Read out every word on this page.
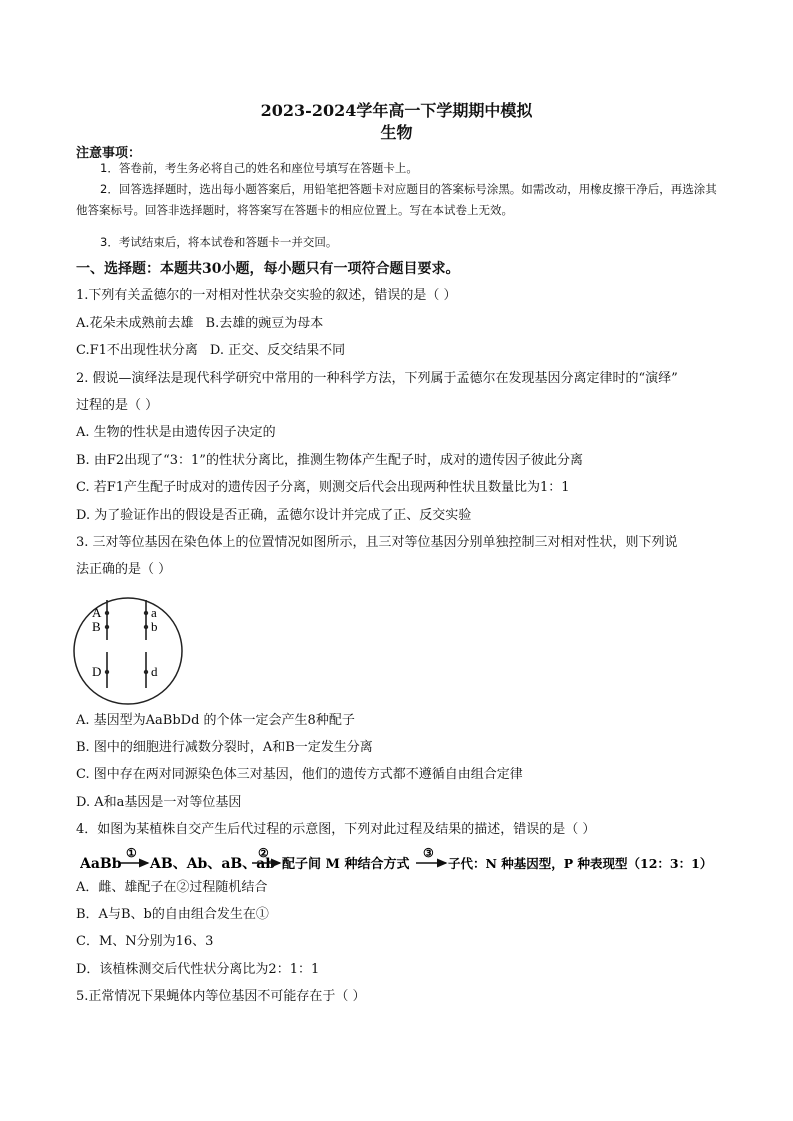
2023-2024学年高一下学期期中模拟
生物
注意事项：
1．答卷前，考生务必将自己的姓名和座位号填写在答题卡上。
2．回答选择题时，选出每小题答案后，用铅笔把答题卡对应题目的答案标号涂黑。如需改动，用橡皮擦干净后，再选涂其他答案标号。回答非选择题时，将答案写在答题卡的相应位置上。写在本试卷上无效。
3．考试结束后，将本试卷和答题卡一并交回。
一、选择题：本题共30小题，每小题只有一项符合题目要求。
1.下列有关孟德尔的一对相对性状杂交实验的叙述，错误的是（ ）
A.花朵未成熟前去雄 B.去雄的豌豆为母本
C.F1不出现性状分离 D. 正交、反交结果不同
2. 假说—演绎法是现代科学研究中常用的一种科学方法，下列属于孟德尔在发现基因分离定律时的“演绎”
过程的是（ ）
A. 生物的性状是由遗传因子决定的
B. 由F2出现了“3：1”的性状分离比，推测生物体产生配子时，成对的遗传因子彼此分离
C. 若F1产生配子时成对的遗传因子分离，则测交后代会出现两种性状且数量比为1：1
D. 为了验证作出的假设是否正确，孟德尔设计并完成了正、反交实验
3. 三对等位基因在染色体上的位置情况如图所示，且三对等位基因分别单独控制三对相对性状，则下列说
法正确的是（ ）
A
B
a
b
D	d
A. 基因型为AaBbDd 的个体一定会产生8种配子
B. 图中的细胞进行减数分裂时，A和B一定发生分离
C. 图中存在两对同源染色体三对基因，他们的遗传方式都不遵循自由组合定律
D. A和a基因是一对等位基因
4．如图为某植株自交产生后代过程的示意图，下列对此过程及结果的描述，错误的是（ ）
AaBb
①
AB、Ab、aB、ab
②
配子间 M 种结合方式
③
子代：N 种基因型，P 种表现型（12：3：1）
A．雌、雄配子在②过程随机结合
B．A与B、b的自由组合发生在①
C．M、N分别为16、3
D．该植株测交后代性状分离比为2：1：1
5.正常情况下果蝇体内等位基因不可能存在于（ ）
